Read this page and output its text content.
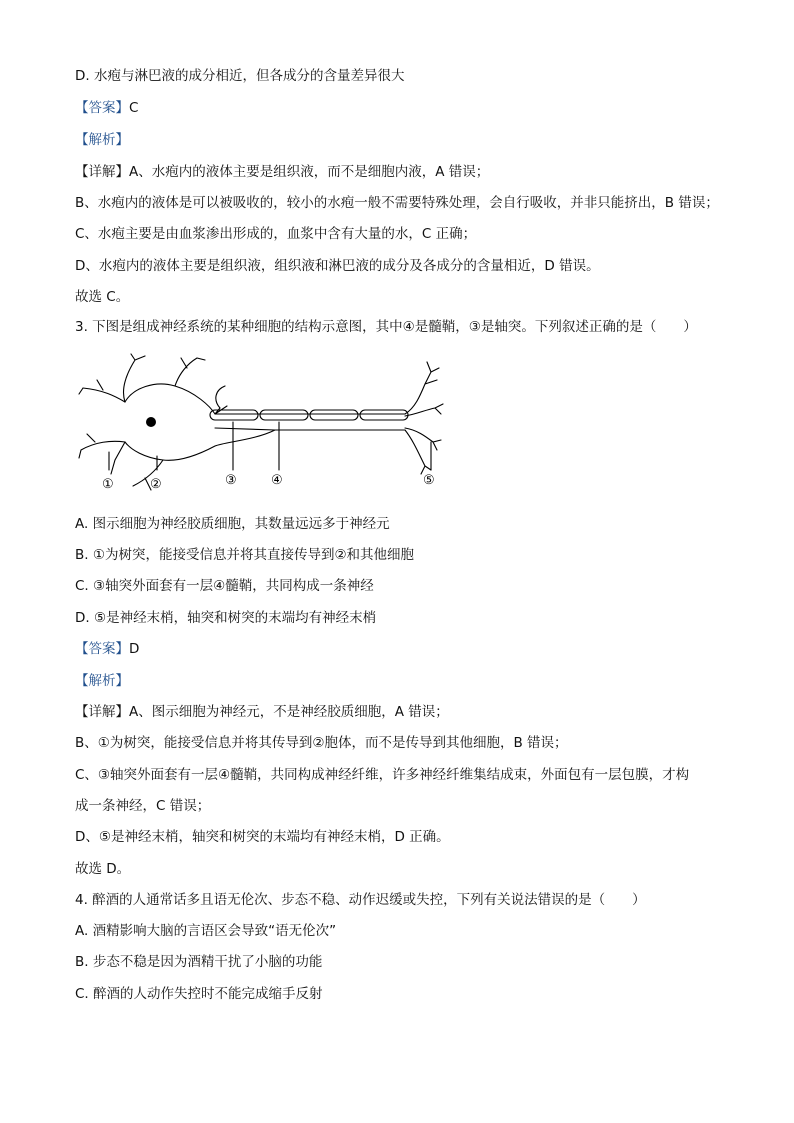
D. 水疱与淋巴液的成分相近，但各成分的含量差异很大
【答案】C
【解析】
【详解】A、水疱内的液体主要是组织液，而不是细胞内液，A 错误；
B、水疱内的液体是可以被吸收的，较小的水疱一般不需要特殊处理，会自行吸收，并非只能挤出，B 错误；
C、水疱主要是由血浆渗出形成的，血浆中含有大量的水，C 正确；
D、水疱内的液体主要是组织液，组织液和淋巴液的成分及各成分的含量相近，D 错误。
故选 C。
3. 下图是组成神经系统的某种细胞的结构示意图，其中④是髓鞘，③是轴突。下列叙述正确的是（　　）
①	②	③	④	⑤
A. 图示细胞为神经胶质细胞，其数量远远多于神经元
B. ①为树突，能接受信息并将其直接传导到②和其他细胞
C. ③轴突外面套有一层④髓鞘，共同构成一条神经
D. ⑤是神经末梢，轴突和树突的末端均有神经末梢
【答案】D
【解析】
【详解】A、图示细胞为神经元，不是神经胶质细胞，A 错误；
B、①为树突，能接受信息并将其传导到②胞体，而不是传导到其他细胞，B 错误；
C、③轴突外面套有一层④髓鞘，共同构成神经纤维，许多神经纤维集结成束，外面包有一层包膜，才构
成一条神经，C 错误；
D、⑤是神经末梢，轴突和树突的末端均有神经末梢，D 正确。
故选 D。
4. 醉酒的人通常话多且语无伦次、步态不稳、动作迟缓或失控，下列有关说法错误的是（　　）
A. 酒精影响大脑的言语区会导致“语无伦次”
B. 步态不稳是因为酒精干扰了小脑的功能
C. 醉酒的人动作失控时不能完成缩手反射
